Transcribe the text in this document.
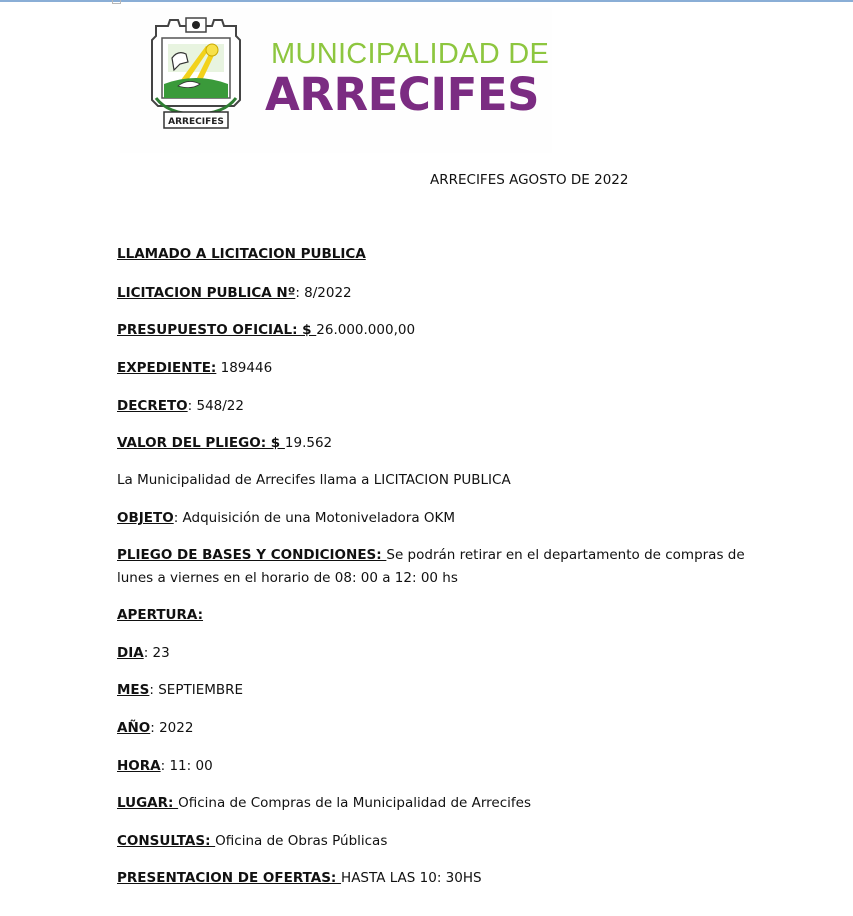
ARRECIFES
MUNICIPALIDAD DE
ARRECIFES
ARRECIFES AGOSTO DE 2022
LLAMADO A LICITACION PUBLICA
LICITACION PUBLICA Nº: 8/2022
PRESUPUESTO OFICIAL: $ 26.000.000,00
EXPEDIENTE: 189446
DECRETO: 548/22
VALOR DEL PLIEGO: $ 19.562
La Municipalidad de Arrecifes llama a LICITACION PUBLICA
OBJETO: Adquisición de una Motoniveladora OKM
PLIEGO DE BASES Y CONDICIONES: Se podrán retirar en el departamento de compras de lunes a viernes en el horario de 08: 00 a 12: 00 hs
APERTURA:
DIA: 23
MES: SEPTIEMBRE
AÑO: 2022
HORA: 11: 00
LUGAR: Oficina de Compras de la Municipalidad de Arrecifes
CONSULTAS: Oficina de Obras Públicas
PRESENTACION DE OFERTAS: HASTA LAS 10: 30HS
